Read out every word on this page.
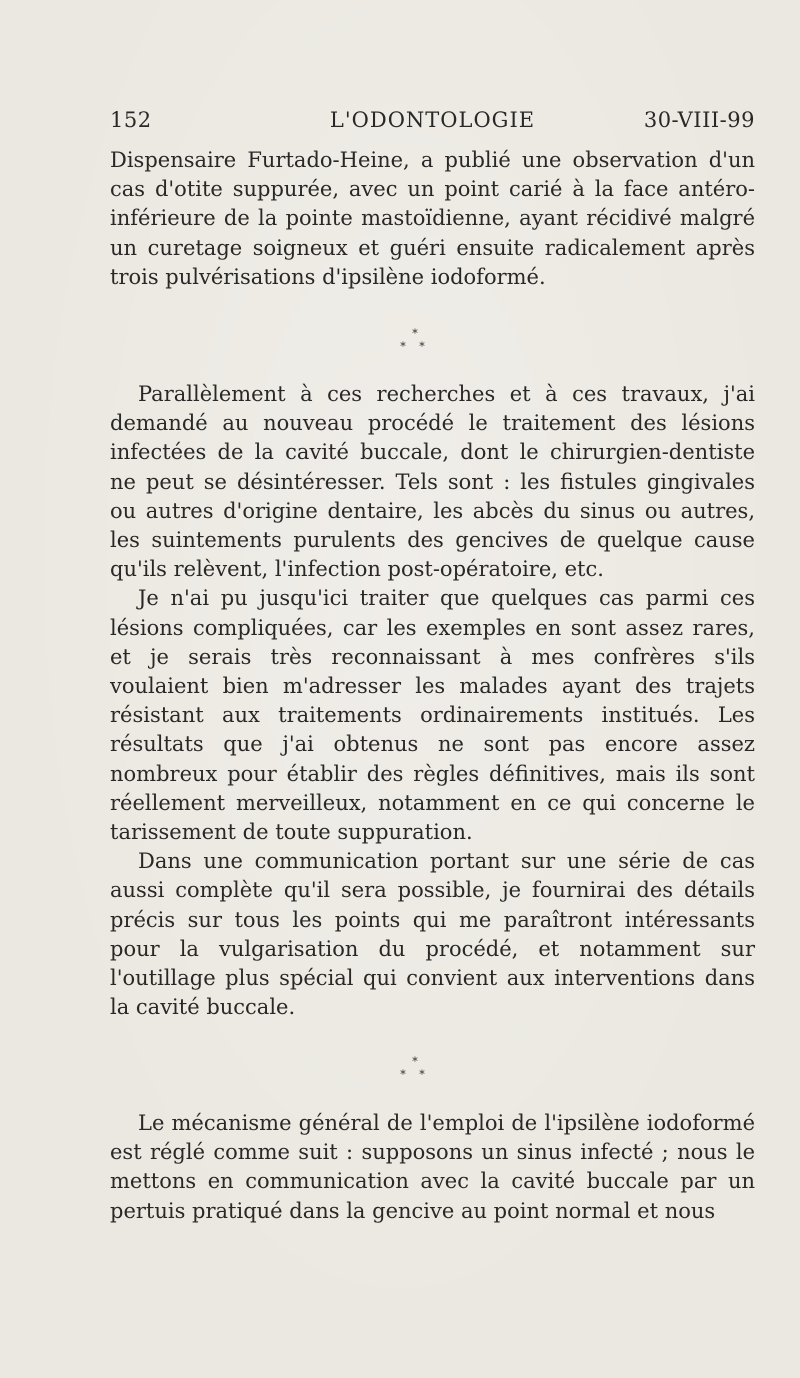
152	L'ODONTOLOGIE	30-VIII-99

Dispensaire Furtado-Heine, a publié une observation d'un cas d'otite suppurée, avec un point carié à la face antéro-inférieure de la pointe mastoïdienne, ayant récidivé malgré un curetage soigneux et guéri ensuite radicalement après trois pulvérisations d'ipsilène iodoformé.

*
* *

Parallèlement à ces recherches et à ces travaux, j'ai demandé au nouveau procédé le traitement des lésions infectées de la cavité buccale, dont le chirurgien-dentiste ne peut se désintéresser. Tels sont : les fistules gingivales ou autres d'origine dentaire, les abcès du sinus ou autres, les suintements purulents des gencives de quelque cause qu'ils relèvent, l'infection post-opératoire, etc.

Je n'ai pu jusqu'ici traiter que quelques cas parmi ces lésions compliquées, car les exemples en sont assez rares, et je serais très reconnaissant à mes confrères s'ils voulaient bien m'adresser les malades ayant des trajets résistant aux traitements ordinairements institués. Les résultats que j'ai obtenus ne sont pas encore assez nombreux pour établir des règles définitives, mais ils sont réellement merveilleux, notamment en ce qui concerne le tarissement de toute suppuration.

Dans une communication portant sur une série de cas aussi complète qu'il sera possible, je fournirai des détails précis sur tous les points qui me paraîtront intéressants pour la vulgarisation du procédé, et notamment sur l'outillage plus spécial qui convient aux interventions dans la cavité buccale.

*
* *

Le mécanisme général de l'emploi de l'ipsilène iodoformé est réglé comme suit : supposons un sinus infecté ; nous le mettons en communication avec la cavité buccale par un pertuis pratiqué dans la gencive au point normal et nous
